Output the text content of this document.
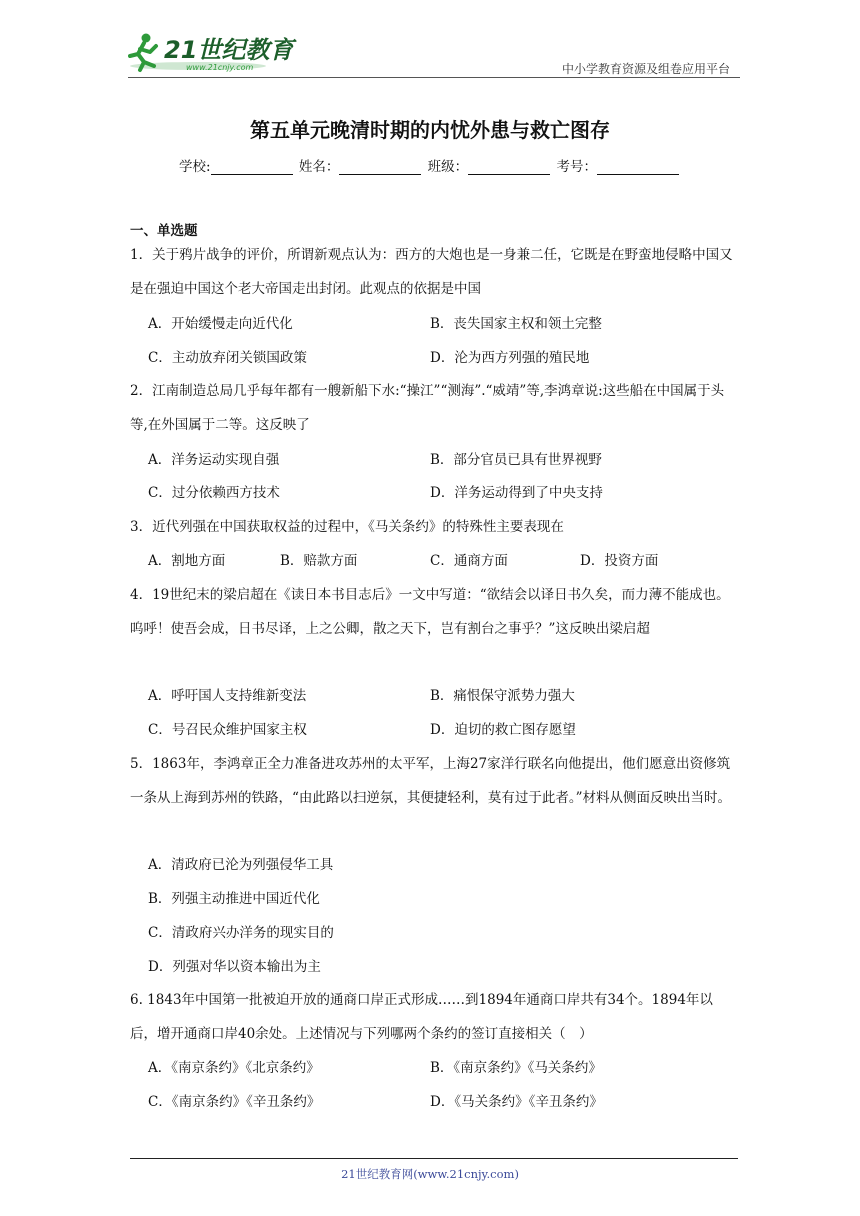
21世纪教育
www.21cnjy.com	中小学教育资源及组卷应用平台
第五单元晚清时期的内忧外患与救亡图存
学校:	姓名：	班级：	考号：
一、单选题
1．关于鸦片战争的评价，所谓新观点认为：西方的大炮也是一身兼二任，它既是在野蛮地侵略中国又是在强迫中国这个老大帝国走出封闭。此观点的依据是中国
A．开始缓慢走向近代化	B．丧失国家主权和领土完整
C．主动放弃闭关锁国政策	D．沦为西方列强的殖民地
2．江南制造总局几乎每年都有一艘新船下水:“操江”“测海”.“威靖”等,李鸿章说:这些船在中国属于头等,在外国属于二等。这反映了
A．洋务运动实现自强	B．部分官员已具有世界视野
C．过分依赖西方技术	D．洋务运动得到了中央支持
3．近代列强在中国获取权益的过程中，《马关条约》的特殊性主要表现在
A．割地方面	B．赔款方面	C．通商方面	D．投资方面
4．19世纪末的梁启超在《读日本书目志后》一文中写道：“欲结会以译日书久矣，而力薄不能成也。呜呼！使吾会成，日书尽译，上之公卿，散之天下，岂有割台之事乎？”这反映出梁启超
A．呼吁国人支持维新变法	B．痛恨保守派势力强大
C．号召民众维护国家主权	D．迫切的救亡图存愿望
5．1863年，李鸿章正全力准备进攻苏州的太平军，上海27家洋行联名向他提出，他们愿意出资修筑一条从上海到苏州的铁路，“由此路以扫逆氛，其便捷轻利，莫有过于此者。”材料从侧面反映出当时。
A．清政府已沦为列强侵华工具
B．列强主动推进中国近代化
C．清政府兴办洋务的现实目的
D．列强对华以资本输出为主
6. 1843年中国第一批被迫开放的通商口岸正式形成……到1894年通商口岸共有34个。1894年以后，增开通商口岸40余处。上述情况与下列哪两个条约的签订直接相关（　）
A．《南京条约》《北京条约》	B．《南京条约》《马关条约》
C．《南京条约》《辛丑条约》	D．《马关条约》《辛丑条约》
21世纪教育网(www.21cnjy.com)
